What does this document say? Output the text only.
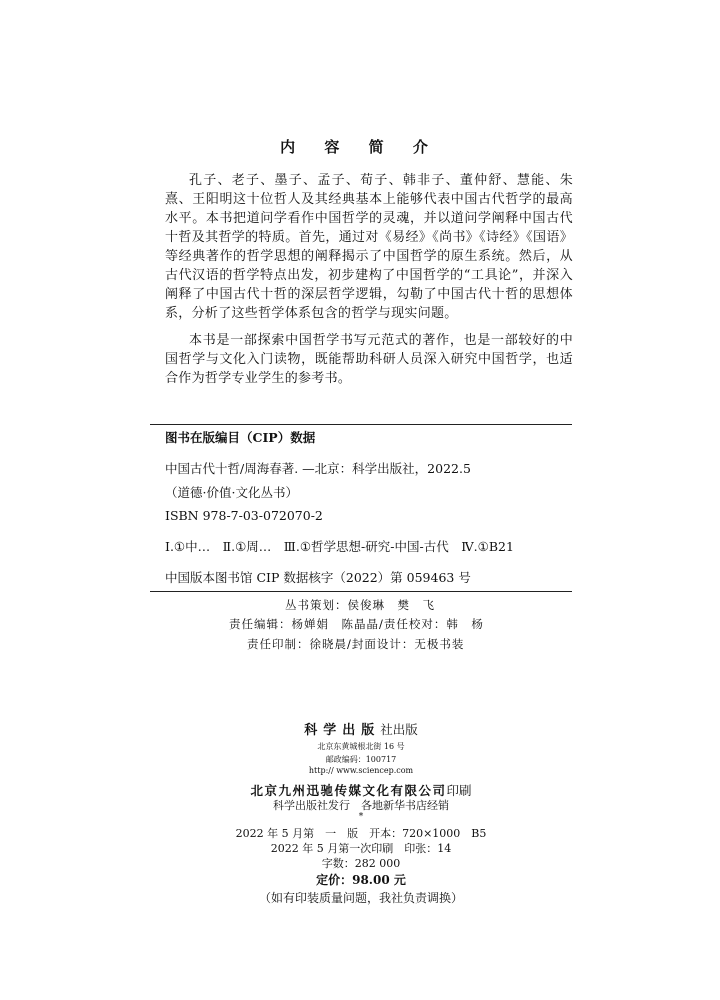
内 容 简 介
孔子、老子、墨子、孟子、荀子、韩非子、董仲舒、慧能、朱熹、王阳明这十位哲人及其经典基本上能够代表中国古代哲学的最高水平。本书把道问学看作中国哲学的灵魂，并以道问学阐释中国古代十哲及其哲学的特质。首先，通过对《易经》《尚书》《诗经》《国语》等经典著作的哲学思想的阐释揭示了中国哲学的原生系统。然后，从古代汉语的哲学特点出发，初步建构了中国哲学的“工具论”，并深入阐释了中国古代十哲的深层哲学逻辑，勾勒了中国古代十哲的思想体系，分析了这些哲学体系包含的哲学与现实问题。
本书是一部探索中国哲学书写元范式的著作，也是一部较好的中国哲学与文化入门读物，既能帮助科研人员深入研究中国哲学，也适合作为哲学专业学生的参考书。
图书在版编目（CIP）数据
中国古代十哲/周海春著. —北京：科学出版社，2022.5
（道德·价值·文化丛书）
ISBN 978-7-03-072070-2
Ⅰ.①中…　Ⅱ.①周…　Ⅲ.①哲学思想-研究-中国-古代　Ⅳ.①B21
中国版本图书馆 CIP 数据核字（2022）第 059463 号
丛书策划：侯俊琳　樊　飞
责任编辑：杨婵娟　陈晶晶/责任校对：韩　杨
责任印制：徐晓晨/封面设计：无极书装
科学出版社出版
北京东黄城根北街 16 号
邮政编码：100717
http:// www.sciencep.com
北京九州迅驰传媒文化有限公司印刷
科学出版社发行　各地新华书店经销
*
2022 年 5 月第　一　版　开本：720×1000　B5
2022 年 5 月第一次印刷　印张：14
字数：282 000
定价：98.00 元
（如有印装质量问题，我社负责调换）
